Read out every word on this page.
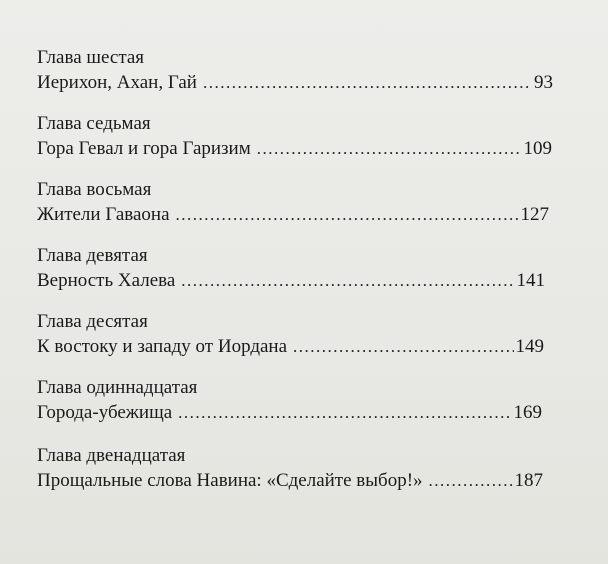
Глава шестая
Иерихон, Ахан, Гай .....	93
Глава седьмая
Гора Гевал и гора Гаризим .....	109
Глава восьмая
Жители Гаваона .....	127
Глава девятая
Верность Халева .....	141
Глава десятая
К востоку и западу от Иордана .....	149
Глава одиннадцатая
Города-убежища .....	169
Глава двенадцатая
Прощальные слова Навина: «Сделайте выбор!» .....	187
